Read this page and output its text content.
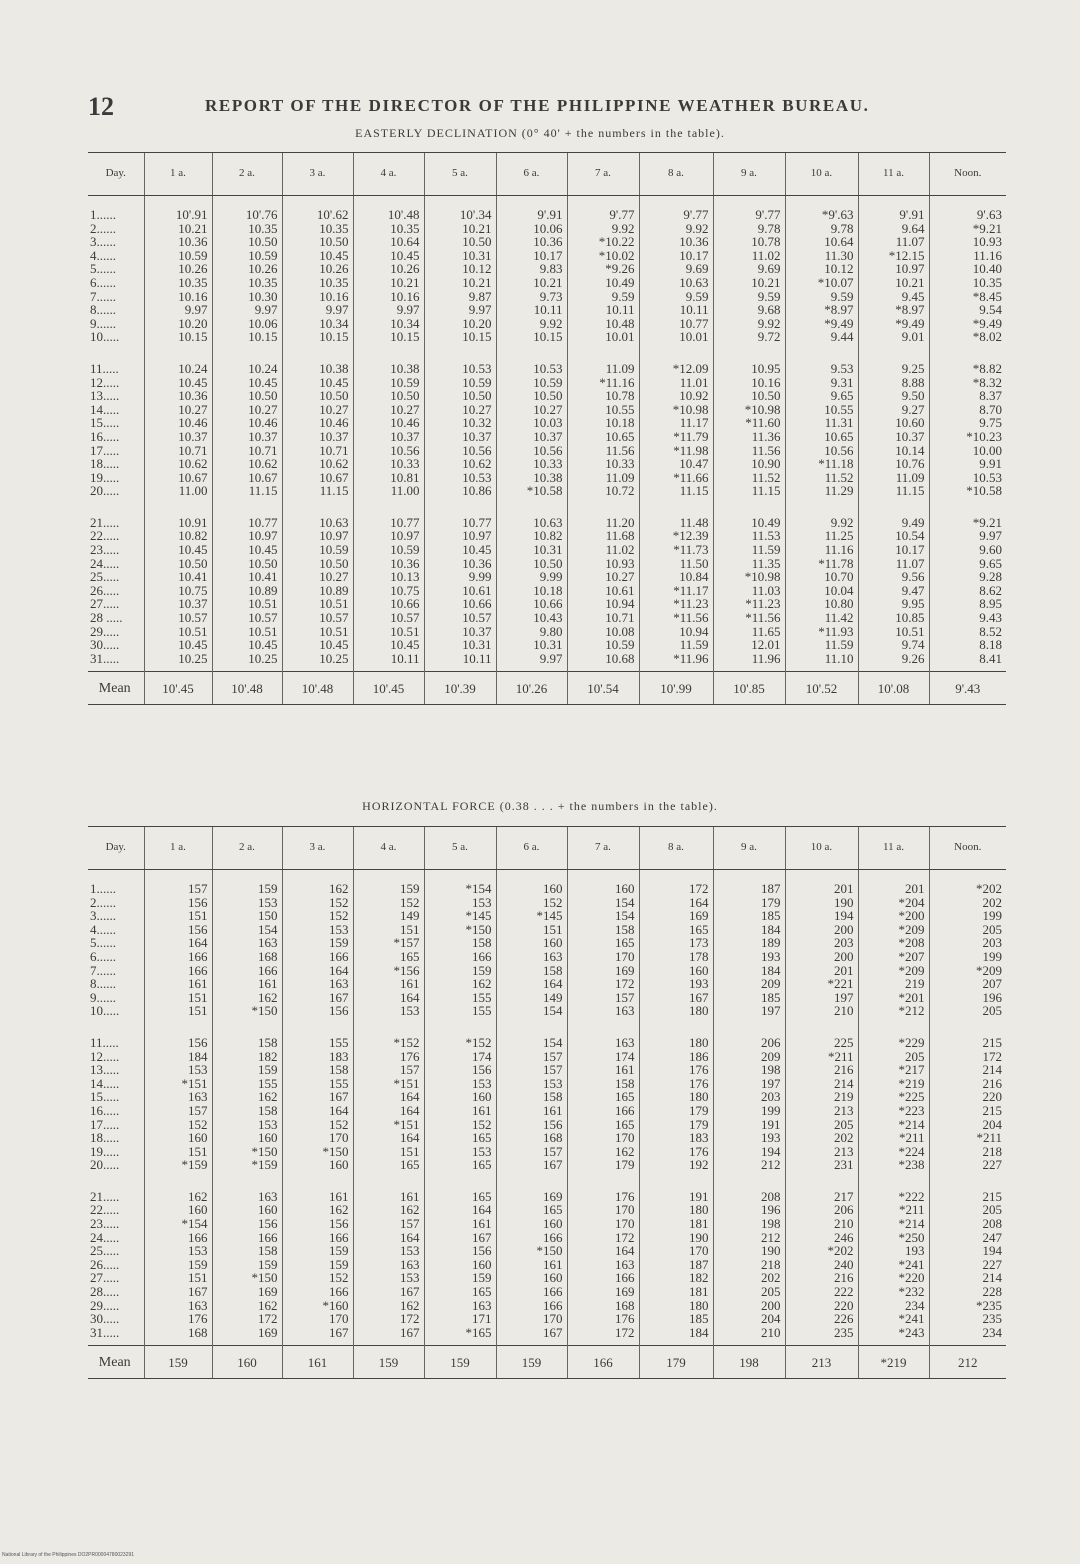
12	REPORT OF THE DIRECTOR OF THE PHILIPPINE WEATHER BUREAU.
EASTERLY DECLINATION (0° 40' + the numbers in the table).
Day.	1 a.	2 a.	3 a.	4 a.	5 a.	6 a.	7 a.	8 a.	9 a.	10 a.	11 a.	Noon.
1......	10'.91	10'.76	10'.62	10'.48	10'.34	9'.91	9'.77	9'.77	9'.77	*9'.63	9'.91	9'.63
2......	10.21	10.35	10.35	10.35	10.21	10.06	9.92	9.92	9.78	9.78	9.64	*9.21
3......	10.36	10.50	10.50	10.64	10.50	10.36	*10.22	10.36	10.78	10.64	11.07	10.93
4......	10.59	10.59	10.45	10.45	10.31	10.17	*10.02	10.17	11.02	11.30	*12.15	11.16
5......	10.26	10.26	10.26	10.26	10.12	9.83	*9.26	9.69	9.69	10.12	10.97	10.40
6......	10.35	10.35	10.35	10.21	10.21	10.21	10.49	10.63	10.21	*10.07	10.21	10.35
7......	10.16	10.30	10.16	10.16	9.87	9.73	9.59	9.59	9.59	9.59	9.45	*8.45
8......	9.97	9.97	9.97	9.97	9.97	10.11	10.11	10.11	9.68	*8.97	*8.97	9.54
9......	10.20	10.06	10.34	10.34	10.20	9.92	10.48	10.77	9.92	*9.49	*9.49	*9.49
10.....	10.15	10.15	10.15	10.15	10.15	10.15	10.01	10.01	9.72	9.44	9.01	*8.02
11.....	10.24	10.24	10.38	10.38	10.53	10.53	11.09	*12.09	10.95	9.53	9.25	*8.82
12.....	10.45	10.45	10.45	10.59	10.59	10.59	*11.16	11.01	10.16	9.31	8.88	*8.32
13.....	10.36	10.50	10.50	10.50	10.50	10.50	10.78	10.92	10.50	9.65	9.50	8.37
14.....	10.27	10.27	10.27	10.27	10.27	10.27	10.55	*10.98	*10.98	10.55	9.27	8.70
15.....	10.46	10.46	10.46	10.46	10.32	10.03	10.18	11.17	*11.60	11.31	10.60	9.75
16.....	10.37	10.37	10.37	10.37	10.37	10.37	10.65	*11.79	11.36	10.65	10.37	*10.23
17.....	10.71	10.71	10.71	10.56	10.56	10.56	11.56	*11.98	11.56	10.56	10.14	10.00
18.....	10.62	10.62	10.62	10.33	10.62	10.33	10.33	10.47	10.90	*11.18	10.76	9.91
19.....	10.67	10.67	10.67	10.81	10.53	10.38	11.09	*11.66	11.52	11.52	11.09	10.53
20.....	11.00	11.15	11.15	11.00	10.86	*10.58	10.72	11.15	11.15	11.29	11.15	*10.58
21.....	10.91	10.77	10.63	10.77	10.77	10.63	11.20	11.48	10.49	9.92	9.49	*9.21
22.....	10.82	10.97	10.97	10.97	10.97	10.82	11.68	*12.39	11.53	11.25	10.54	9.97
23.....	10.45	10.45	10.59	10.59	10.45	10.31	11.02	*11.73	11.59	11.16	10.17	9.60
24.....	10.50	10.50	10.50	10.36	10.36	10.50	10.93	11.50	11.35	*11.78	11.07	9.65
25.....	10.41	10.41	10.27	10.13	9.99	9.99	10.27	10.84	*10.98	10.70	9.56	9.28
26.....	10.75	10.89	10.89	10.75	10.61	10.18	10.61	*11.17	11.03	10.04	9.47	8.62
27.....	10.37	10.51	10.51	10.66	10.66	10.66	10.94	*11.23	*11.23	10.80	9.95	8.95
28 .....	10.57	10.57	10.57	10.57	10.57	10.43	10.71	*11.56	*11.56	11.42	10.85	9.43
29.....	10.51	10.51	10.51	10.51	10.37	9.80	10.08	10.94	11.65	*11.93	10.51	8.52
30.....	10.45	10.45	10.45	10.45	10.31	10.31	10.59	11.59	12.01	11.59	9.74	8.18
31.....	10.25	10.25	10.25	10.11	10.11	9.97	10.68	*11.96	11.96	11.10	9.26	8.41
Mean	10'.45	10'.48	10'.48	10'.45	10'.39	10'.26	10'.54	10'.99	10'.85	10'.52	10'.08	9'.43
HORIZONTAL FORCE (0.38 . . . + the numbers in the table).
Day.	1 a.	2 a.	3 a.	4 a.	5 a.	6 a.	7 a.	8 a.	9 a.	10 a.	11 a.	Noon.
1......	157	159	162	159	*154	160	160	172	187	201	201	*202
2......	156	153	152	152	153	152	154	164	179	190	*204	202
3......	151	150	152	149	*145	*145	154	169	185	194	*200	199
4......	156	154	153	151	*150	151	158	165	184	200	*209	205
5......	164	163	159	*157	158	160	165	173	189	203	*208	203
6......	166	168	166	165	166	163	170	178	193	200	*207	199
7......	166	166	164	*156	159	158	169	160	184	201	*209	*209
8......	161	161	163	161	162	164	172	193	209	*221	219	207
9......	151	162	167	164	155	149	157	167	185	197	*201	196
10.....	151	*150	156	153	155	154	163	180	197	210	*212	205
11.....	156	158	155	*152	*152	154	163	180	206	225	*229	215
12.....	184	182	183	176	174	157	174	186	209	*211	205	172
13.....	153	159	158	157	156	157	161	176	198	216	*217	214
14.....	*151	155	155	*151	153	153	158	176	197	214	*219	216
15.....	163	162	167	164	160	158	165	180	203	219	*225	220
16.....	157	158	164	164	161	161	166	179	199	213	*223	215
17.....	152	153	152	*151	152	156	165	179	191	205	*214	204
18.....	160	160	170	164	165	168	170	183	193	202	*211	*211
19.....	151	*150	*150	151	153	157	162	176	194	213	*224	218
20.....	*159	*159	160	165	165	167	179	192	212	231	*238	227
21.....	162	163	161	161	165	169	176	191	208	217	*222	215
22.....	160	160	162	162	164	165	170	180	196	206	*211	205
23.....	*154	156	156	157	161	160	170	181	198	210	*214	208
24.....	166	166	166	164	167	166	172	190	212	246	*250	247
25.....	153	158	159	153	156	*150	164	170	190	*202	193	194
26.....	159	159	159	163	160	161	163	187	218	240	*241	227
27.....	151	*150	152	153	159	160	166	182	202	216	*220	214
28.....	167	169	166	167	165	166	169	181	205	222	*232	228
29.....	163	162	*160	162	163	166	168	180	200	220	234	*235
30.....	176	172	170	172	171	170	176	185	204	226	*241	235
31.....	168	169	167	167	*165	167	172	184	210	235	*243	234
Mean	159	160	161	159	159	159	166	179	198	213	*219	212
National Library of the Philippines DO2PR00004780023291
